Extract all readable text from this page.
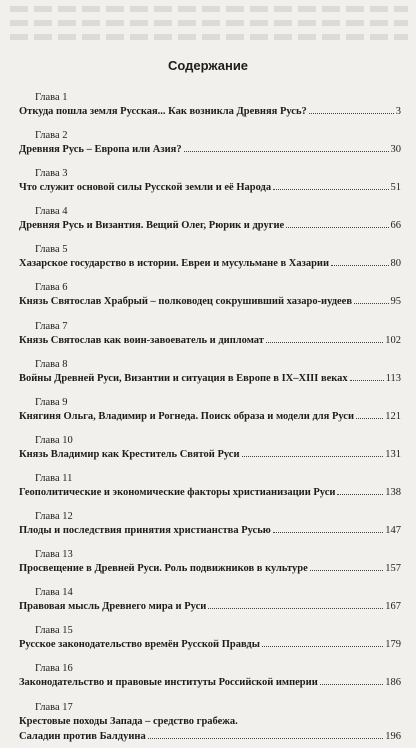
Содержание
Глава 1
Откуда пошла земля Русская... Как возникла Древняя Русь?	3
Глава 2
Древняя Русь – Европа или Азия?	30
Глава 3
Что служит основой силы Русской земли и её Народа	51
Глава 4
Древняя Русь и Византия. Вещий Олег, Рюрик и другие	66
Глава 5
Хазарское государство в истории. Евреи и мусульмане в Хазарии	80
Глава 6
Князь Святослав Храбрый – полководец сокрушивший хазаро-иудеев	95
Глава 7
Князь Святослав как воин-завоеватель и дипломат	102
Глава 8
Войны Древней Руси, Византии и ситуация в Европе в IX–XIII веках	113
Глава 9
Княгиня Ольга, Владимир и Рогнеда. Поиск образа и модели для Руси	121
Глава 10
Князь Владимир как Креститель Святой Руси	131
Глава 11
Геополитические и экономические факторы христианизации Руси	138
Глава 12
Плоды и последствия принятия христианства Русью	147
Глава 13
Просвещение в Древней Руси. Роль подвижников в культуре	157
Глава 14
Правовая мысль Древнего мира и Руси	167
Глава 15
Русское законодательство времён Русской Правды	179
Глава 16
Законодательство и правовые институты Российской империи	186
Глава 17
Крестовые походы Запада – средство грабежа.
Саладин против Балдуина	196
